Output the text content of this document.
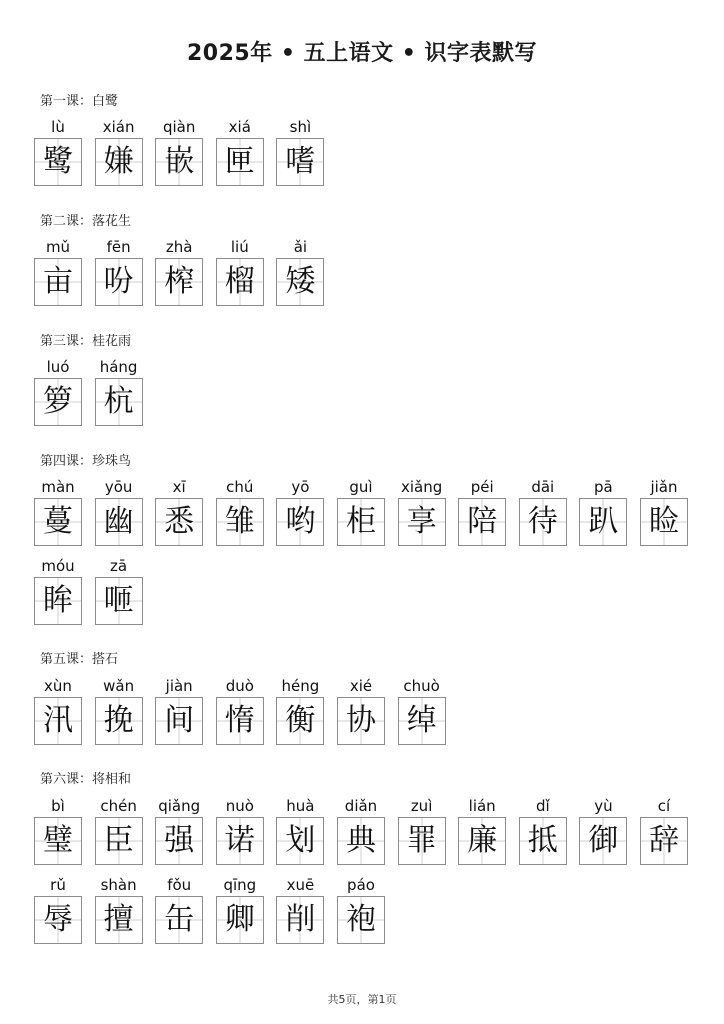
2025年 • 五上语文 • 识字表默写
第一课：白鹭
lù
鹭
xián
嫌
qiàn
嵌
xiá
匣
shì
嗜
第二课：落花生
mǔ
亩
fēn
吩
zhà
榨
liú
榴
ǎi
矮
第三课：桂花雨
luó
箩
háng
杭
第四课：珍珠鸟
màn
蔓
yōu
幽
xī
悉
chú
雏
yō
哟
guì
柜
xiǎng
享
péi
陪
dāi
待
pā
趴
jiǎn
睑
móu
眸
zā
咂
第五课：搭石
xùn
汛
wǎn
挽
jiàn
间
duò
惰
héng
衡
xié
协
chuò
绰
第六课：将相和
bì
璧
chén
臣
qiǎng
强
nuò
诺
huà
划
diǎn
典
zuì
罪
lián
廉
dǐ
抵
yù
御
cí
辞
rǔ
辱
shàn
擅
fǒu
缶
qīng
卿
xuē
削
páo
袍
共5页，第1页
